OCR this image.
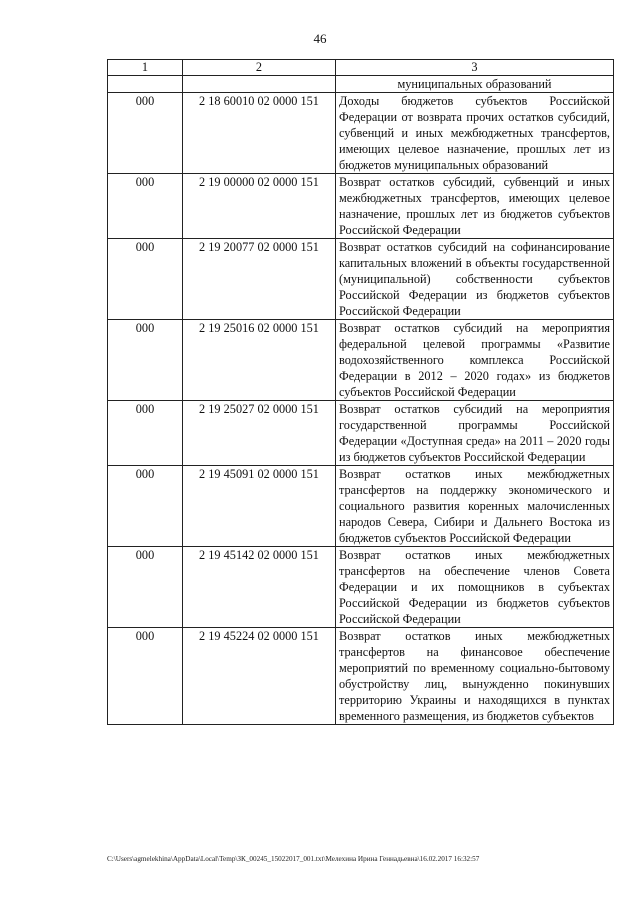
46
1	2	3
		муниципальных образований
000	2 18 60010 02 0000 151	Доходы бюджетов субъектов Российской Федерации от возврата прочих остатков субсидий, субвенций и иных межбюджетных трансфертов, имеющих целевое назначение, прошлых лет из бюджетов муниципальных образований
000	2 19 00000 02 0000 151	Возврат остатков субсидий, субвенций и иных межбюджетных трансфертов, имеющих целевое назначение, прошлых лет из бюджетов субъектов Российской Федерации
000	2 19 20077 02 0000 151	Возврат остатков субсидий на софинансирование капитальных вложений в объекты государственной (муниципальной) собственности субъектов Российской Федерации из бюджетов субъектов Российской Федерации
000	2 19 25016 02 0000 151	Возврат остатков субсидий на мероприятия федеральной целевой программы «Развитие водохозяйственного комплекса Российской Федерации в 2012 – 2020 годах» из бюджетов субъектов Российской Федерации
000	2 19 25027 02 0000 151	Возврат остатков субсидий на мероприятия государственной программы Российской Федерации «Доступная среда» на 2011 – 2020 годы из бюджетов субъектов Российской Федерации
000	2 19 45091 02 0000 151	Возврат остатков иных межбюджетных трансфертов на поддержку экономического и социального развития коренных малочисленных народов Севера, Сибири и Дальнего Востока из бюджетов субъектов Российской Федерации
000	2 19 45142 02 0000 151	Возврат остатков иных межбюджетных трансфертов на обеспечение членов Совета Федерации и их помощников в субъектах Российской Федерации из бюджетов субъектов Российской Федерации
000	2 19 45224 02 0000 151	Возврат остатков иных межбюджетных трансфертов на финансовое обеспечение мероприятий по временному социально-бытовому обустройству лиц, вынужденно покинувших территорию Украины и находящихся в пунктах временного размещения, из бюджетов субъектов
C:\Users\agmelekhina\AppData\Local\Temp\ЗК_00245_15022017_001.txt\Мелехина Ирина Геннадьевна\16.02.2017 16:32:57
